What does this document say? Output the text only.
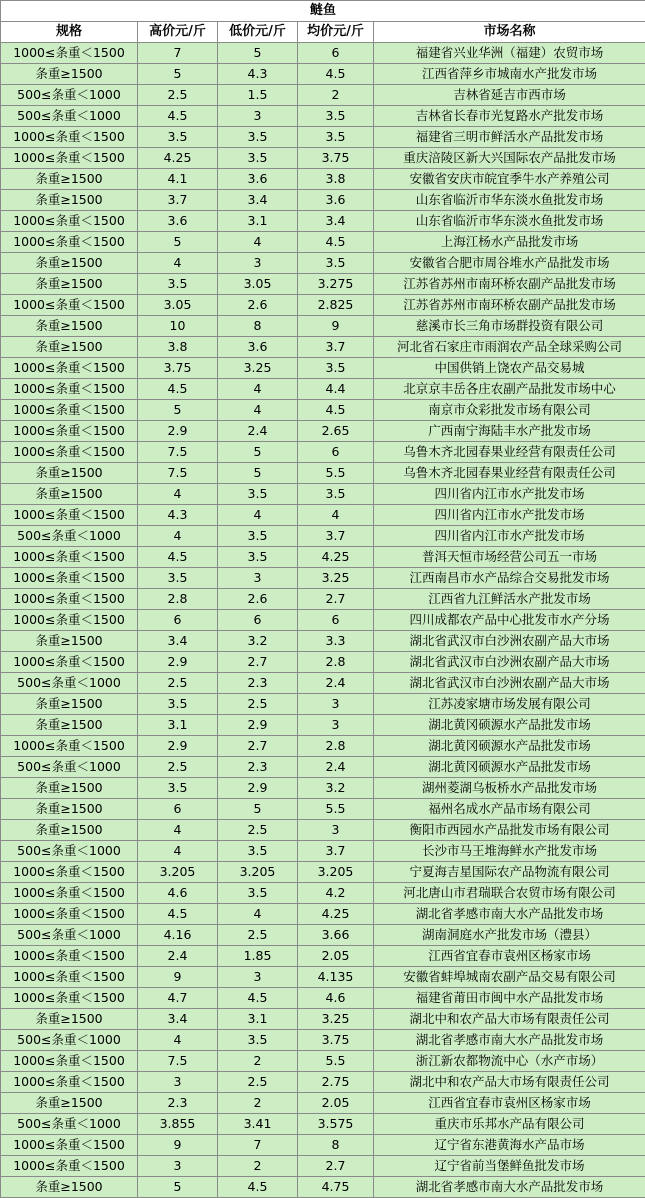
鲢鱼				
规格	高价元/斤	低价元/斤	均价元/斤	市场名称
1000≤条重＜1500	7	5	6	福建省兴业华洲（福建）农贸市场
条重≥1500	5	4.3	4.5	江西省萍乡市城南水产批发市场
500≤条重＜1000	2.5	1.5	2	吉林省延吉市西市场
500≤条重＜1000	4.5	3	3.5	吉林省长春市光复路水产批发市场
1000≤条重＜1500	3.5	3.5	3.5	福建省三明市鲜活水产品批发市场
1000≤条重＜1500	4.25	3.5	3.75	重庆涪陵区新大兴国际农产品批发市场
条重≥1500	4.1	3.6	3.8	安徽省安庆市皖宜季牛水产养殖公司
条重≥1500	3.7	3.4	3.6	山东省临沂市华东淡水鱼批发市场
1000≤条重＜1500	3.6	3.1	3.4	山东省临沂市华东淡水鱼批发市场
1000≤条重＜1500	5	4	4.5	上海江杨水产品批发市场
条重≥1500	4	3	3.5	安徽省合肥市周谷堆水产品批发市场
条重≥1500	3.5	3.05	3.275	江苏省苏州市南环桥农副产品批发市场
1000≤条重＜1500	3.05	2.6	2.825	江苏省苏州市南环桥农副产品批发市场
条重≥1500	10	8	9	慈溪市长三角市场群投资有限公司
条重≥1500	3.8	3.6	3.7	河北省石家庄市雨润农产品全球采购公司
1000≤条重＜1500	3.75	3.25	3.5	中国供销上饶农产品交易城
1000≤条重＜1500	4.5	4	4.4	北京京丰岳各庄农副产品批发市场中心
1000≤条重＜1500	5	4	4.5	南京市众彩批发市场有限公司
1000≤条重＜1500	2.9	2.4	2.65	广西南宁海陆丰水产批发市场
1000≤条重＜1500	7.5	5	6	乌鲁木齐北园春果业经营有限责任公司
条重≥1500	7.5	5	5.5	乌鲁木齐北园春果业经营有限责任公司
条重≥1500	4	3.5	3.5	四川省内江市水产批发市场
1000≤条重＜1500	4.3	4	4	四川省内江市水产批发市场
500≤条重＜1000	4	3.5	3.7	四川省内江市水产批发市场
1000≤条重＜1500	4.5	3.5	4.25	普洱天恒市场经营公司五一市场
1000≤条重＜1500	3.5	3	3.25	江西南昌市水产品综合交易批发市场
1000≤条重＜1500	2.8	2.6	2.7	江西省九江鲜活水产批发市场
1000≤条重＜1500	6	6	6	四川成都农产品中心批发市水产分场
条重≥1500	3.4	3.2	3.3	湖北省武汉市白沙洲农副产品大市场
1000≤条重＜1500	2.9	2.7	2.8	湖北省武汉市白沙洲农副产品大市场
500≤条重＜1000	2.5	2.3	2.4	湖北省武汉市白沙洲农副产品大市场
条重≥1500	3.5	2.5	3	江苏凌家塘市场发展有限公司
条重≥1500	3.1	2.9	3	湖北黄冈硕源水产品批发市场
1000≤条重＜1500	2.9	2.7	2.8	湖北黄冈硕源水产品批发市场
500≤条重＜1000	2.5	2.3	2.4	湖北黄冈硕源水产品批发市场
条重≥1500	3.5	2.9	3.2	湖州菱湖乌板桥水产品批发市场
条重≥1500	6	5	5.5	福州名成水产品市场有限公司
条重≥1500	4	2.5	3	衡阳市西园水产品批发市场有限公司
500≤条重＜1000	4	3.5	3.7	长沙市马王堆海鲜水产批发市场
1000≤条重＜1500	3.205	3.205	3.205	宁夏海吉星国际农产品物流有限公司
1000≤条重＜1500	4.6	3.5	4.2	河北唐山市君瑞联合农贸市场有限公司
1000≤条重＜1500	4.5	4	4.25	湖北省孝感市南大水产品批发市场
500≤条重＜1000	4.16	2.5	3.66	湖南洞庭水产批发市场（澧县）
1000≤条重＜1500	2.4	1.85	2.05	江西省宜春市袁州区杨家市场
1000≤条重＜1500	9	3	4.135	安徽省蚌埠城南农副产品交易有限公司
1000≤条重＜1500	4.7	4.5	4.6	福建省莆田市闽中水产品批发市场
条重≥1500	3.4	3.1	3.25	湖北中和农产品大市场有限责任公司
500≤条重＜1000	4	3.5	3.75	湖北省孝感市南大水产品批发市场
1000≤条重＜1500	7.5	2	5.5	浙江新农都物流中心（水产市场）
1000≤条重＜1500	3	2.5	2.75	湖北中和农产品大市场有限责任公司
条重≥1500	2.3	2	2.05	江西省宜春市袁州区杨家市场
500≤条重＜1000	3.855	3.41	3.575	重庆市乐邦水产品有限公司
1000≤条重＜1500	9	7	8	辽宁省东港黄海水产品市场
1000≤条重＜1500	3	2	2.7	辽宁省前当堡鲜鱼批发市场
条重≥1500	5	4.5	4.75	湖北省孝感市南大水产品批发市场
